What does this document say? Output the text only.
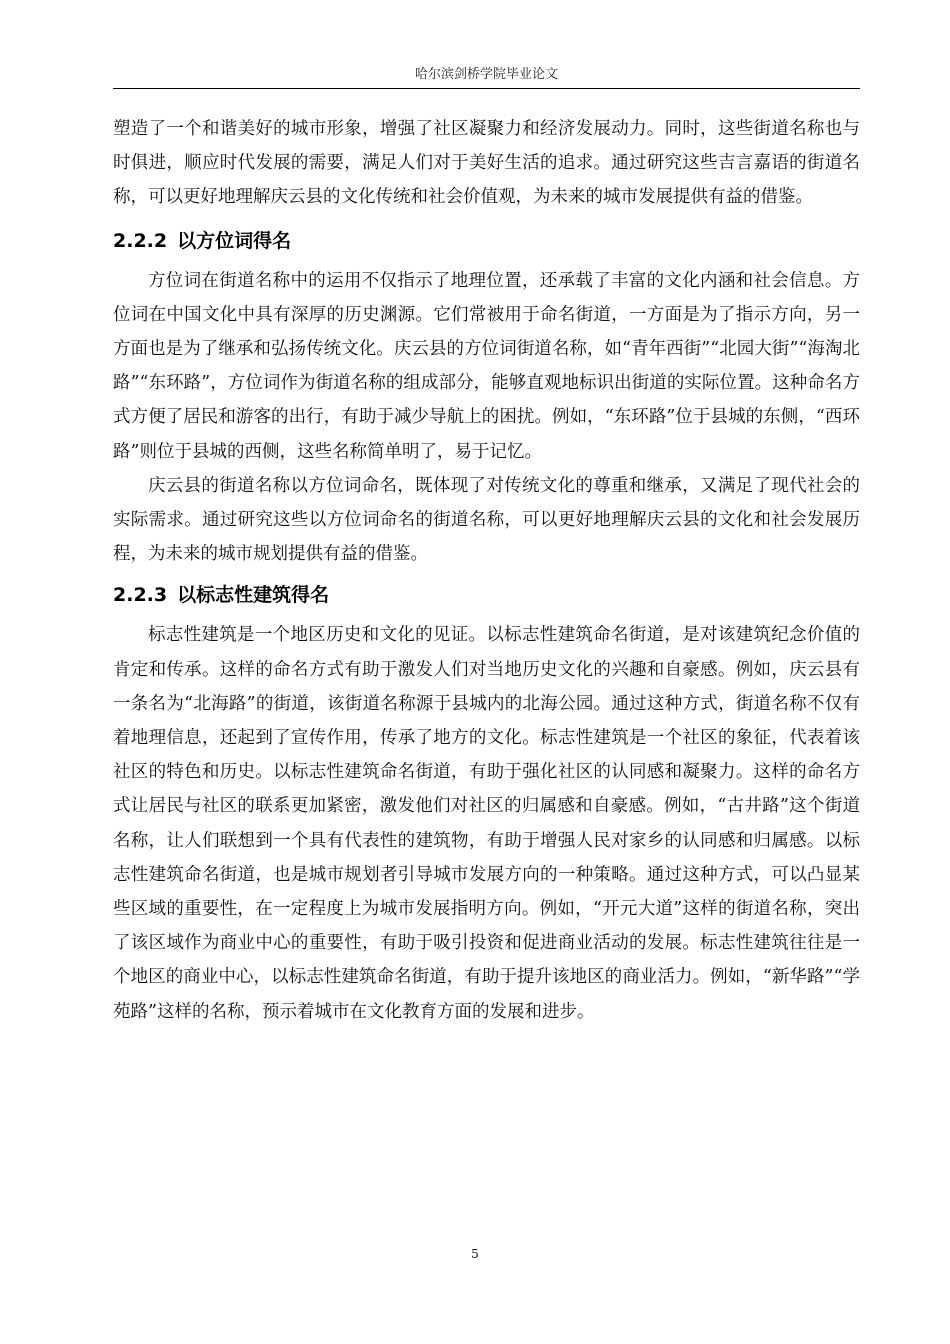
哈尔滨剑桥学院毕业论文

塑造了一个和谐美好的城市形象，增强了社区凝聚力和经济发展动力。同时，这些街道名称也与时俱进，顺应时代发展的需要，满足人们对于美好生活的追求。通过研究这些吉言嘉语的街道名称，可以更好地理解庆云县的文化传统和社会价值观，为未来的城市发展提供有益的借鉴。

2.2.2 以方位词得名

方位词在街道名称中的运用不仅指示了地理位置，还承载了丰富的文化内涵和社会信息。方位词在中国文化中具有深厚的历史渊源。它们常被用于命名街道，一方面是为了指示方向，另一方面也是为了继承和弘扬传统文化。庆云县的方位词街道名称，如“青年西街”“北园大街”“海淘北路”“东环路”，方位词作为街道名称的组成部分，能够直观地标识出街道的实际位置。这种命名方式方便了居民和游客的出行，有助于减少导航上的困扰。例如，“东环路”位于县城的东侧，“西环路”则位于县城的西侧，这些名称简单明了，易于记忆。

庆云县的街道名称以方位词命名，既体现了对传统文化的尊重和继承，又满足了现代社会的实际需求。通过研究这些以方位词命名的街道名称，可以更好地理解庆云县的文化和社会发展历程，为未来的城市规划提供有益的借鉴。

2.2.3 以标志性建筑得名

标志性建筑是一个地区历史和文化的见证。以标志性建筑命名街道，是对该建筑纪念价值的肯定和传承。这样的命名方式有助于激发人们对当地历史文化的兴趣和自豪感。例如，庆云县有一条名为“北海路”的街道，该街道名称源于县城内的北海公园。通过这种方式，街道名称不仅有着地理信息，还起到了宣传作用，传承了地方的文化。标志性建筑是一个社区的象征，代表着该社区的特色和历史。以标志性建筑命名街道，有助于强化社区的认同感和凝聚力。这样的命名方式让居民与社区的联系更加紧密，激发他们对社区的归属感和自豪感。例如，“古井路”这个街道名称，让人们联想到一个具有代表性的建筑物，有助于增强人民对家乡的认同感和归属感。以标志性建筑命名街道，也是城市规划者引导城市发展方向的一种策略。通过这种方式，可以凸显某些区域的重要性，在一定程度上为城市发展指明方向。例如，“开元大道”这样的街道名称，突出了该区域作为商业中心的重要性，有助于吸引投资和促进商业活动的发展。标志性建筑往往是一个地区的商业中心，以标志性建筑命名街道，有助于提升该地区的商业活力。例如，“新华路”“学苑路”这样的名称，预示着城市在文化教育方面的发展和进步。

5
